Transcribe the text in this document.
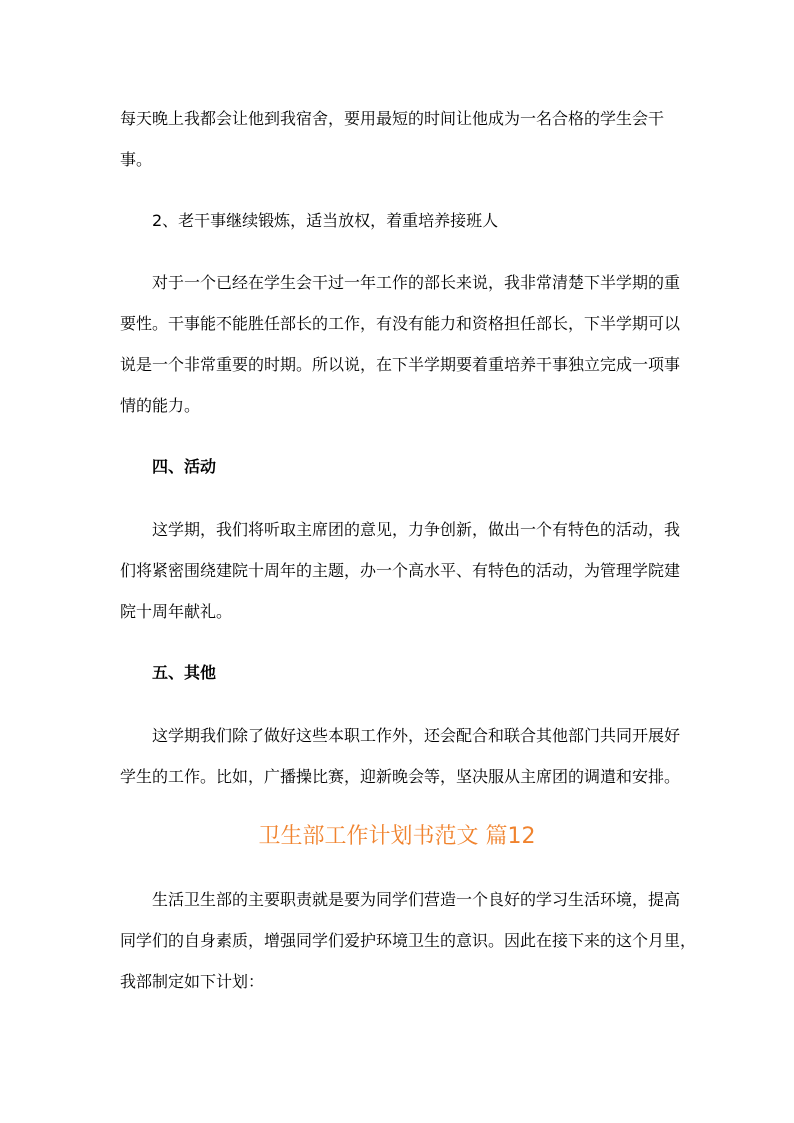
每天晚上我都会让他到我宿舍，要用最短的时间让他成为一名合格的学生会干
事。

2、老干事继续锻炼，适当放权，着重培养接班人

对于一个已经在学生会干过一年工作的部长来说，我非常清楚下半学期的重
要性。干事能不能胜任部长的工作，有没有能力和资格担任部长，下半学期可以
说是一个非常重要的时期。所以说，在下半学期要着重培养干事独立完成一项事
情的能力。
四、活动
这学期，我们将听取主席团的意见，力争创新，做出一个有特色的活动，我
们将紧密围绕建院十周年的主题，办一个高水平、有特色的活动，为管理学院建
院十周年献礼。
五、其他
这学期我们除了做好这些本职工作外，还会配合和联合其他部门共同开展好
学生的工作。比如，广播操比赛，迎新晚会等，坚决服从主席团的调遣和安排。
卫生部工作计划书范文 篇12
生活卫生部的主要职责就是要为同学们营造一个良好的学习生活环境，提高
同学们的自身素质，增强同学们爱护环境卫生的意识。因此在接下来的这个月里，
我部制定如下计划：
